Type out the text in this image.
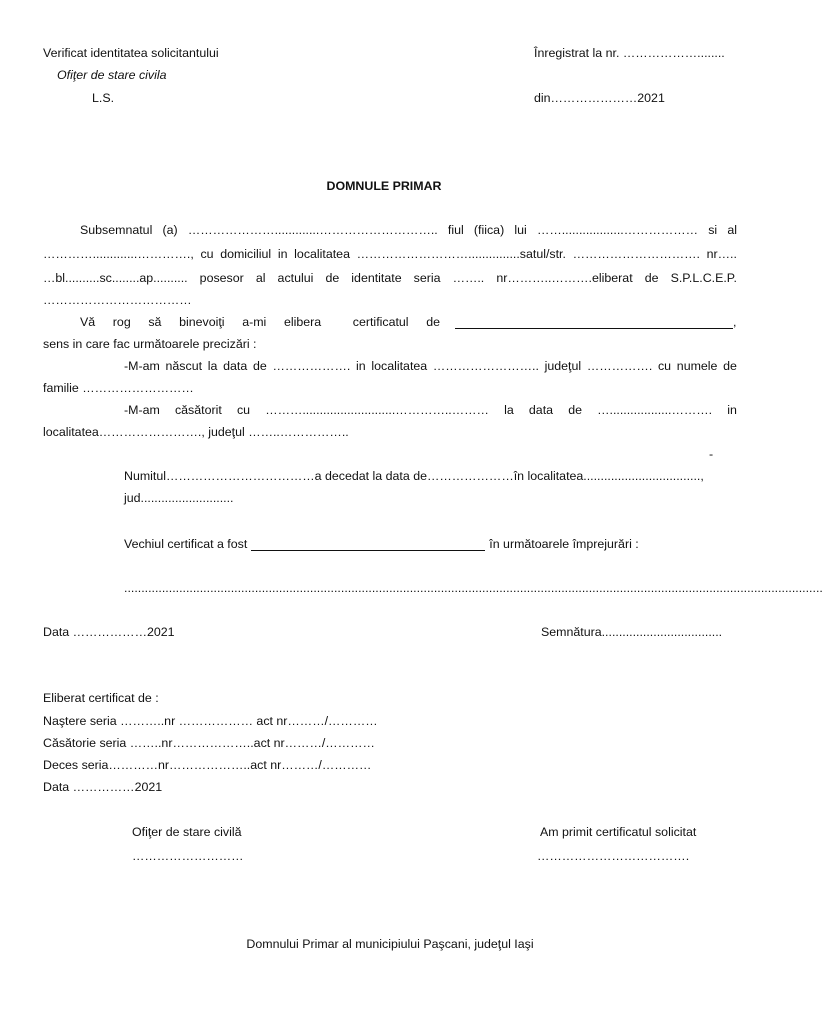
Verificat identitatea solicitantului
Ofiţer de stare civila
L.S.
Înregistrat la nr. ………………........
din…………………2021
DOMNULE PRIMAR
Subsemnatul (a) ………………….............……………………….. fiul (fiica) lui ……..................……………… si al
………….............…………., cu domiciliul in localitatea ………………………...............satul/str. …………………………. nr…..
…bl..........sc........ap.......... posesor al actului de identitate seria …….. nr………..……….eliberat de S.P.L.C.E.P.
………………………………
Vă rog să binevoiţi a-mi elibera	certificatul de	,
sens in care fac următoarele precizări :
-M-am născut la data de ………………. in localitatea …………………….. judeţul ……………. cu numele de
familie ………………………
-M-am căsătorit cu ………...........................…………..……… la data de …..................………. in
localitatea……………………., judeţul ……..……………..
-
Numitul………………………………a decedat la data de…………………în localitatea..................................,
jud...........................
Vechiul certificat a fost	în următoarele împrejurări :
...........................................................................................................................................................................................................
Data ………………2021	Semnătura...................................
Eliberat certificat de :
Naştere seria ………..nr ……………… act nr………/…………
Căsătorie seria ……..nr………………..act nr………/…………
Deces seria…………nr………………..act nr………/…………
Data ……………2021
Ofiţer de stare civilă
………………………
Am primit certificatul solicitat
……………………………….
Domnului Primar al municipiului Paşcani, judeţul Iaşi
